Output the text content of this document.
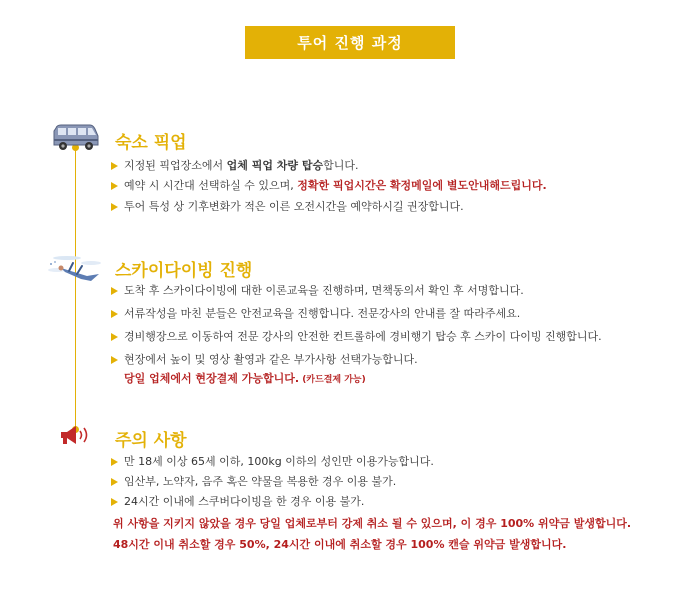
투어 진행 과정
숙소 픽업
지정된 픽업장소에서 업체 픽업 차량 탑승합니다.
예약 시 시간대 선택하실 수 있으며, 정확한 픽업시간은 확정메일에 별도안내해드립니다.
투어 특성 상 기후변화가 적은 이른 오전시간을 예약하시길 권장합니다.
스카이다이빙 진행
도착 후 스카이다이빙에 대한 이론교육을 진행하며, 면책동의서 확인 후 서명합니다.
서류작성을 마친 분들은 안전교육을 진행합니다. 전문강사의 안내를 잘 따라주세요.
경비행장으로 이동하여 전문 강사의 안전한 컨트롤하에 경비행기 탑승 후 스카이 다이빙 진행합니다.
현장에서 높이 및 영상 촬영과 같은 부가사항 선택가능합니다.
당일 업체에서 현장결제 가능합니다. (카드결제 가능)
주의 사항
만 18세 이상 65세 이하, 100kg 이하의 성인만 이용가능합니다.
임산부, 노약자, 음주 혹은 약물을 복용한 경우 이용 불가.
24시간 이내에 스쿠버다이빙을 한 경우 이용 불가.

위 사항을 지키지 않았을 경우 당일 업체로부터 강제 취소 될 수 있으며, 이 경우 100% 위약금 발생합니다.

48시간 이내 취소할 경우 50%, 24시간 이내에 취소할 경우 100% 캔슬 위약금 발생합니다.
